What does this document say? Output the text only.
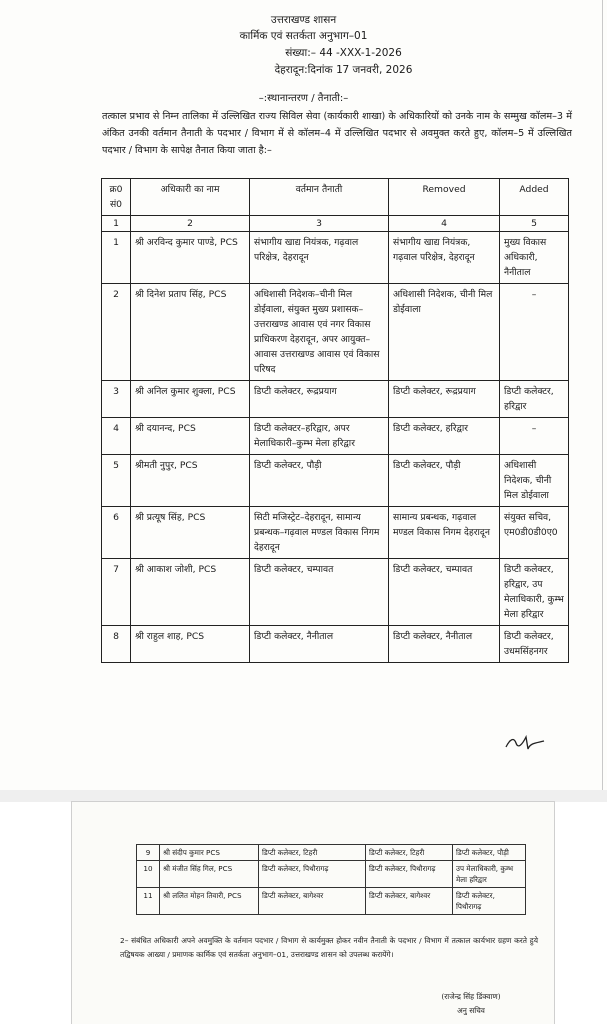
उत्तराखण्ड शासन
कार्मिक एवं सतर्कता अनुभाग–01
संख्या:– 44 -XXX-1-2026
देहरादून:दिनांक 17 जनवरी, 2026
–:स्थानान्तरण / तैनाती:–
तत्काल प्रभाव से निम्न तालिका में उल्लिखित राज्य सिविल सेवा (कार्यकारी शाखा) के अधिकारियों को उनके नाम के सम्मुख कॉलम–3 में अंकित उनकी वर्तमान तैनाती के पदभार / विभाग में से कॉलम–4 में उल्लिखित पदभार से अवमुक्त करते हुए, कॉलम–5 में उल्लिखित पदभार / विभाग के सापेक्ष तैनात किया जाता है:–
क्र0 सं0	अधिकारी का नाम	वर्तमान तैनाती	Removed	Added
1	2	3	4	5
1	श्री अरविन्द कुमार पाण्डे, PCS	संभागीय खाद्य नियंत्रक, गढ़वाल परिक्षेत्र, देहरादून	संभागीय खाद्य नियंत्रक, गढ़वाल परिक्षेत्र, देहरादून	मुख्य विकास अधिकारी, नैनीताल
2	श्री दिनेश प्रताप सिंह, PCS	अधिशासी निदेशक–चीनी मिल डोईवाला, संयुक्त मुख्य प्रशासक–उत्तराखण्ड आवास एवं नगर विकास प्राधिकरण देहरादून, अपर आयुक्त–आवास उत्तराखण्ड आवास एवं विकास परिषद	अधिशासी निदेशक, चीनी मिल डोईवाला	–
3	श्री अनिल कुमार शुक्ला, PCS	डिप्टी कलेक्टर, रूद्रप्रयाग	डिप्टी कलेक्टर, रूद्रप्रयाग	डिप्टी कलेक्टर, हरिद्वार
4	श्री दयानन्द, PCS	डिप्टी कलेक्टर–हरिद्वार, अपर मेलाधिकारी–कुम्भ मेला हरिद्वार	डिप्टी कलेक्टर, हरिद्वार	–
5	श्रीमती नुपुर, PCS	डिप्टी कलेक्टर, पौड़ी	डिप्टी कलेक्टर, पौड़ी	अधिशासी निदेशक, चीनी मिल डोईवाला
6	श्री प्रत्यूष सिंह, PCS	सिटी मजिस्ट्रेट–देहरादून, सामान्य प्रबन्धक–गढ़वाल मण्डल विकास निगम देहरादून	सामान्य प्रबन्धक, गढ़वाल मण्डल विकास निगम देहरादून	संयुक्त सचिव, एम0डी0डी0ए0
7	श्री आकाश जोशी, PCS	डिप्टी कलेक्टर, चम्पावत	डिप्टी कलेक्टर, चम्पावत	डिप्टी कलेक्टर, हरिद्वार, उप मेलाधिकारी, कुम्भ मेला हरिद्वार
8	श्री राहुल शाह, PCS	डिप्टी कलेक्टर, नैनीताल	डिप्टी कलेक्टर, नैनीताल	डिप्टी कलेक्टर, उधमसिंहनगर
9	श्री संदीप कुमार PCS	डिप्टी कलेक्टर, टिहरी	डिप्टी कलेक्टर, टिहरी	डिप्टी कलेक्टर, पौड़ी
10	श्री मंजीत सिंह गिल, PCS	डिप्टी कलेक्टर, पिथौरागढ़	डिप्टी कलेक्टर, पिथौरागढ़	उप मेलाधिकारी, कुम्भ मेला हरिद्वार
11	श्री ललित मोहन तिवारी, PCS	डिप्टी कलेक्टर, बागेश्वर	डिप्टी कलेक्टर, बागेश्वर	डिप्टी कलेक्टर, पिथौरागढ़
2– संबंधित अधिकारी अपने अवमुक्ति के वर्तमान पदभार / विभाग से कार्यमुक्त होकर नवीन तैनाती के पदभार / विभाग में तत्काल कार्यभार ग्रहण करते हुये तद्विषयक आख्या / प्रमाणक कार्मिक एवं सतर्कता अनुभाग–01, उत्तराखण्ड शासन को उपलब्ध करायेंगे।
(राजेन्द्र सिंह डिंक्वाण)
अनु सचिव
